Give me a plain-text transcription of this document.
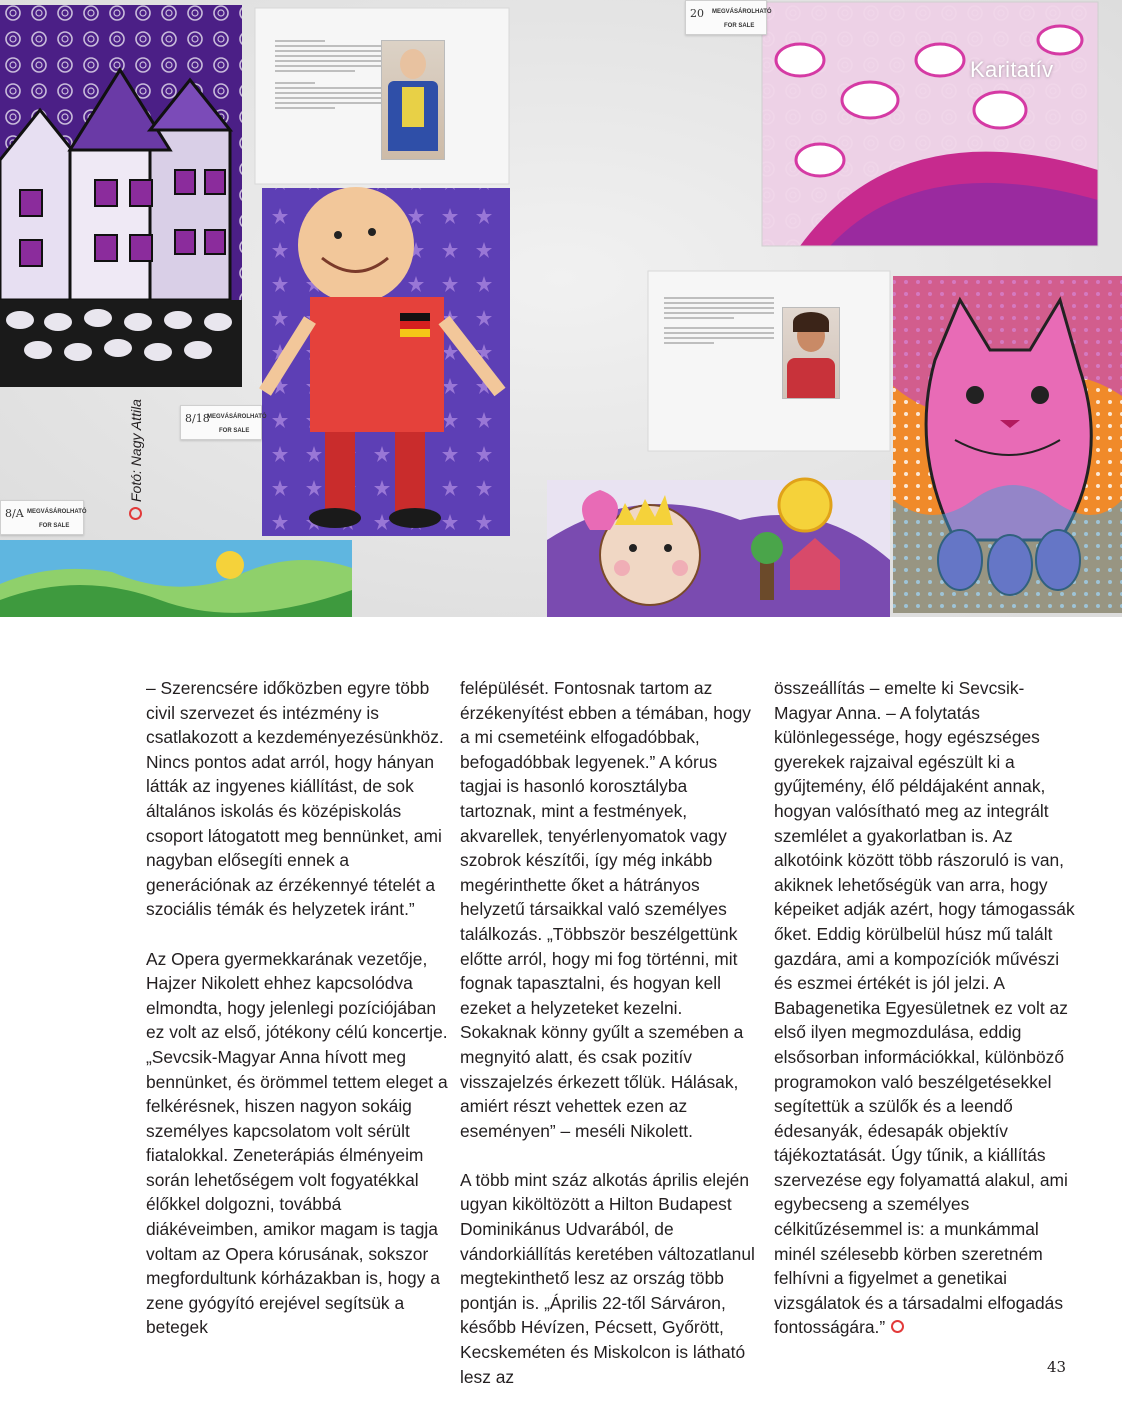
20 MEGVÁSÁROLHATÓ
FOR SALE
8/18
MEGVÁSÁROLHATÓ
FOR SALE
8/A MEGVÁSÁROLHATÓ
FOR SALE
Fotó: Nagy Attila
Karitatív

– Szerencsére időközben egyre több civil szervezet és intézmény is csatlakozott a kezdeményezésünkhöz. Nincs pontos adat arról, hogy hányan látták az ingyenes kiállítást, de sok általános iskolás és középiskolás csoport látogatott meg bennünket, ami nagyban elősegíti ennek a generációnak az érzékennyé tételét a szociális témák és helyzetek iránt.”

Az Opera gyermekkarának vezetője, Hajzer Nikolett ehhez kapcsolódva elmondta, hogy jelenlegi pozíciójában ez volt az első, jótékony célú koncertje. „Sevcsik-Magyar Anna hívott meg bennünket, és örömmel tettem eleget a felkérésnek, hiszen nagyon sokáig személyes kapcsolatom volt sérült fiatalokkal. Zeneterápiás élményeim során lehetőségem volt fogyatékkal élőkkel dolgozni, továbbá diákéveimben, amikor magam is tagja voltam az Opera kórusának, sokszor megfordultunk kórházakban is, hogy a zene gyógyító erejével segítsük a betegek

felépülését. Fontosnak tartom az érzékenyítést ebben a témában, hogy a mi csemetéink elfogadóbbak, befogadóbbak legyenek.” A kórus tagjai is hasonló korosztályba tartoznak, mint a festmények, akvarellek, tenyérlenyomatok vagy szobrok készítői, így még inkább megérinthette őket a hátrányos helyzetű társaikkal való személyes találkozás. „Többször beszélgettünk előtte arról, hogy mi fog történni, mit fognak tapasztalni, és hogyan kell ezeket a helyzeteket kezelni. Sokaknak könny gyűlt a szemében a megnyitó alatt, és csak pozitív visszajelzés érkezett tőlük. Hálásak, amiért részt vehettek ezen az eseményen” – meséli Nikolett.

A több mint száz alkotás április elején ugyan kiköltözött a Hilton Budapest Dominikánus Udvarából, de vándorkiállítás keretében változatlanul megtekinthető lesz az ország több pontján is. „Április 22-től Sárváron, később Hévízen, Pécsett, Győrött, Kecskeméten és Miskolcon is látható lesz az

összeállítás – emelte ki Sevcsik-Magyar Anna. – A folytatás különlegessége, hogy egészséges gyerekek rajzaival egészült ki a gyűjtemény, élő példájaként annak, hogyan valósítható meg az integrált szemlélet a gyakorlatban is. Az alkotóink között több rászoruló is van, akiknek lehetőségük van arra, hogy képeiket adják azért, hogy támogassák őket. Eddig körülbelül húsz mű talált gazdára, ami a kompozíciók művészi és eszmei értékét is jól jelzi. A Babagenetika Egyesületnek ez volt az első ilyen megmozdulása, eddig elsősorban információkkal, különböző programokon való beszélgetésekkel segítettük a szülők és a leendő édesanyák, édesapák objektív tájékoztatását. Úgy tűnik, a kiállítás szervezése egy folyamattá alakul, ami egybecseng a személyes célkitűzésemmel is: a munkámmal minél szélesebb körben szeretném felhívni a figyelmet a genetikai vizsgálatok és a társadalmi elfogadás fontosságára.”

43
